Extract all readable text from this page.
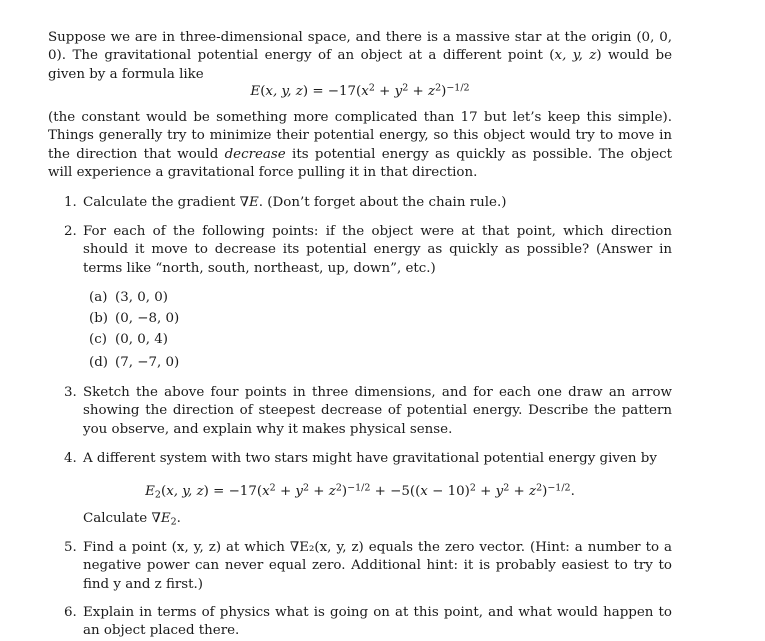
Suppose we are in three-dimensional space, and there is a massive star at the origin (0, 0, 0). The gravitational potential energy of an object at a different point (x, y, z) would be given by a formula like
E(x, y, $z) = -17(x^2 + y^2 + z^2)^{-1/2}$
(the constant would be something more complicated than 17 but let’s keep this simple). Things generally try to minimize their potential energy, so this object would try to move in the direction that would decrease its potential energy as quickly as possible. The object will experience a gravitational force pulling it in that direction.
1. Calculate the gradient ∇E. (Don’t forget about the chain rule.)
2. For each of the following points: if the object were at that point, which direction should it move to decrease its potential energy as quickly as possible? (Answer in terms like “north, south, northeast, up, down”, etc.)
(a) (3, 0, 0)
(b) (0, −8, 0)
(c) (0, 0, 4)
(d) (7, −7, 0)
3. Sketch the above four points in three dimensions, and for each one draw an arrow showing the direction of steepest decrease of potential energy. Describe the pattern you observe, and explain why it makes physical sense.
4. A different system with two stars might have gravitational potential energy given by
$E_2(x$, y, $z) = -17(x^2 + y^2 + z^2)^{-1/2} + -5((x - 10)^2 + y^2 + z^2)^{-1/2}$.
Calculate $\nabla E_2$.
5. Find a point (x, y, z) at which ∇E₂(x, y, z) equals the zero vector. (Hint: a number to a negative power can never equal zero. Additional hint: it is probably easiest to try to find y and z first.)
6. Explain in terms of physics what is going on at this point, and what would happen to an object placed there.
